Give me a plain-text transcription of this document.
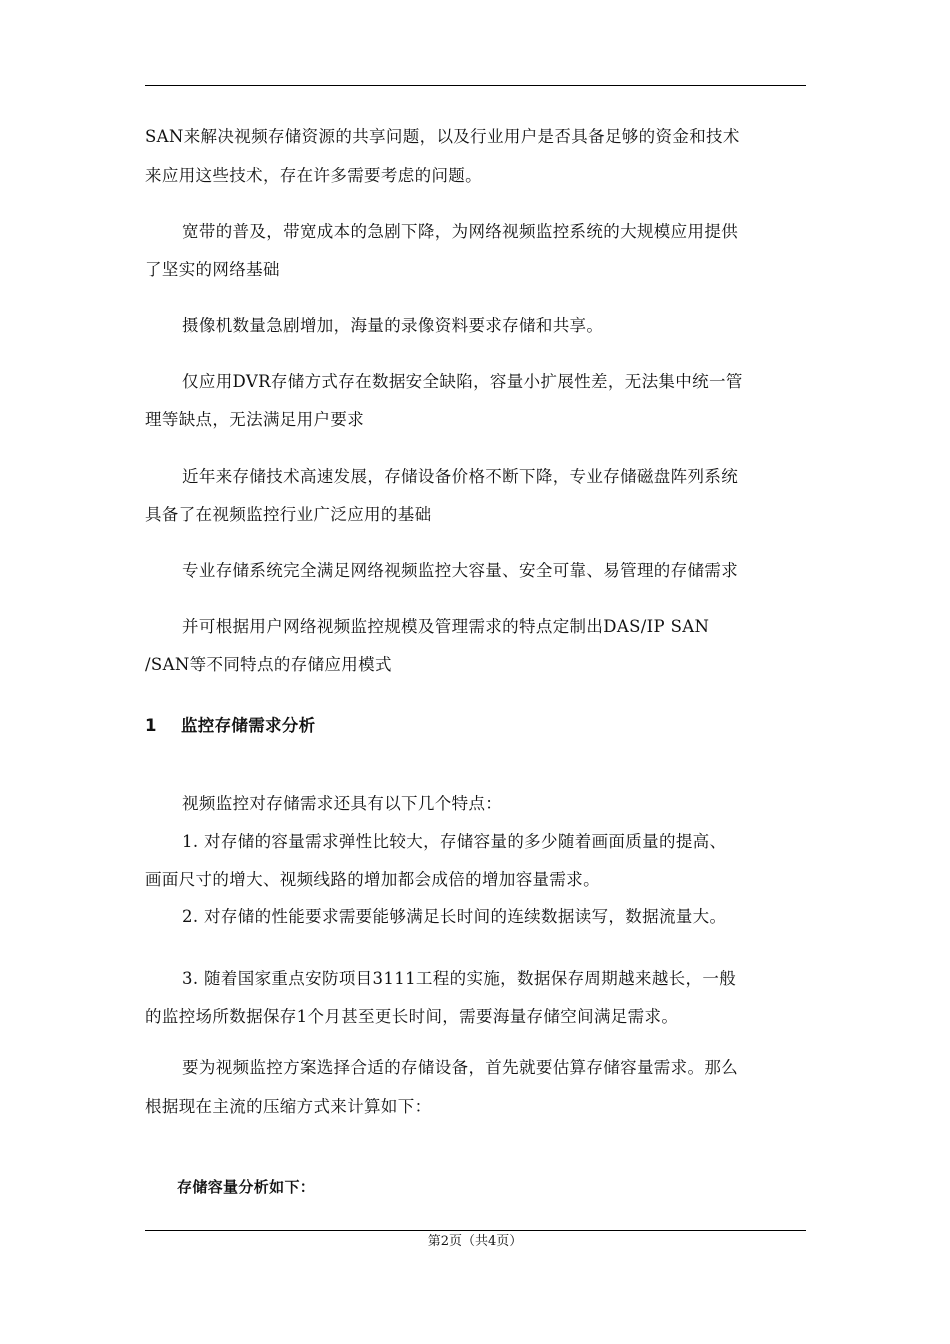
SAN来解决视频存储资源的共享问题，以及行业用户是否具备足够的资金和技术
来应用这些技术，存在许多需要考虑的问题。
宽带的普及，带宽成本的急剧下降，为网络视频监控系统的大规模应用提供
了坚实的网络基础
摄像机数量急剧增加，海量的录像资料要求存储和共享。
仅应用DVR存储方式存在数据安全缺陷，容量小扩展性差，无法集中统一管
理等缺点，无法满足用户要求
近年来存储技术高速发展，存储设备价格不断下降，专业存储磁盘阵列系统
具备了在视频监控行业广泛应用的基础
专业存储系统完全满足网络视频监控大容量、安全可靠、易管理的存储需求
并可根据用户网络视频监控规模及管理需求的特点定制出DAS/IP SAN
/SAN等不同特点的存储应用模式
1 监控存储需求分析
视频监控对存储需求还具有以下几个特点：
1. 对存储的容量需求弹性比较大，存储容量的多少随着画面质量的提高、
画面尺寸的增大、视频线路的增加都会成倍的增加容量需求。
2. 对存储的性能要求需要能够满足长时间的连续数据读写，数据流量大。
3. 随着国家重点安防项目3111工程的实施，数据保存周期越来越长，一般
的监控场所数据保存1个月甚至更长时间，需要海量存储空间满足需求。
要为视频监控方案选择合适的存储设备，首先就要估算存储容量需求。那么
根据现在主流的压缩方式来计算如下：
存储容量分析如下：
第2页（共4页）
